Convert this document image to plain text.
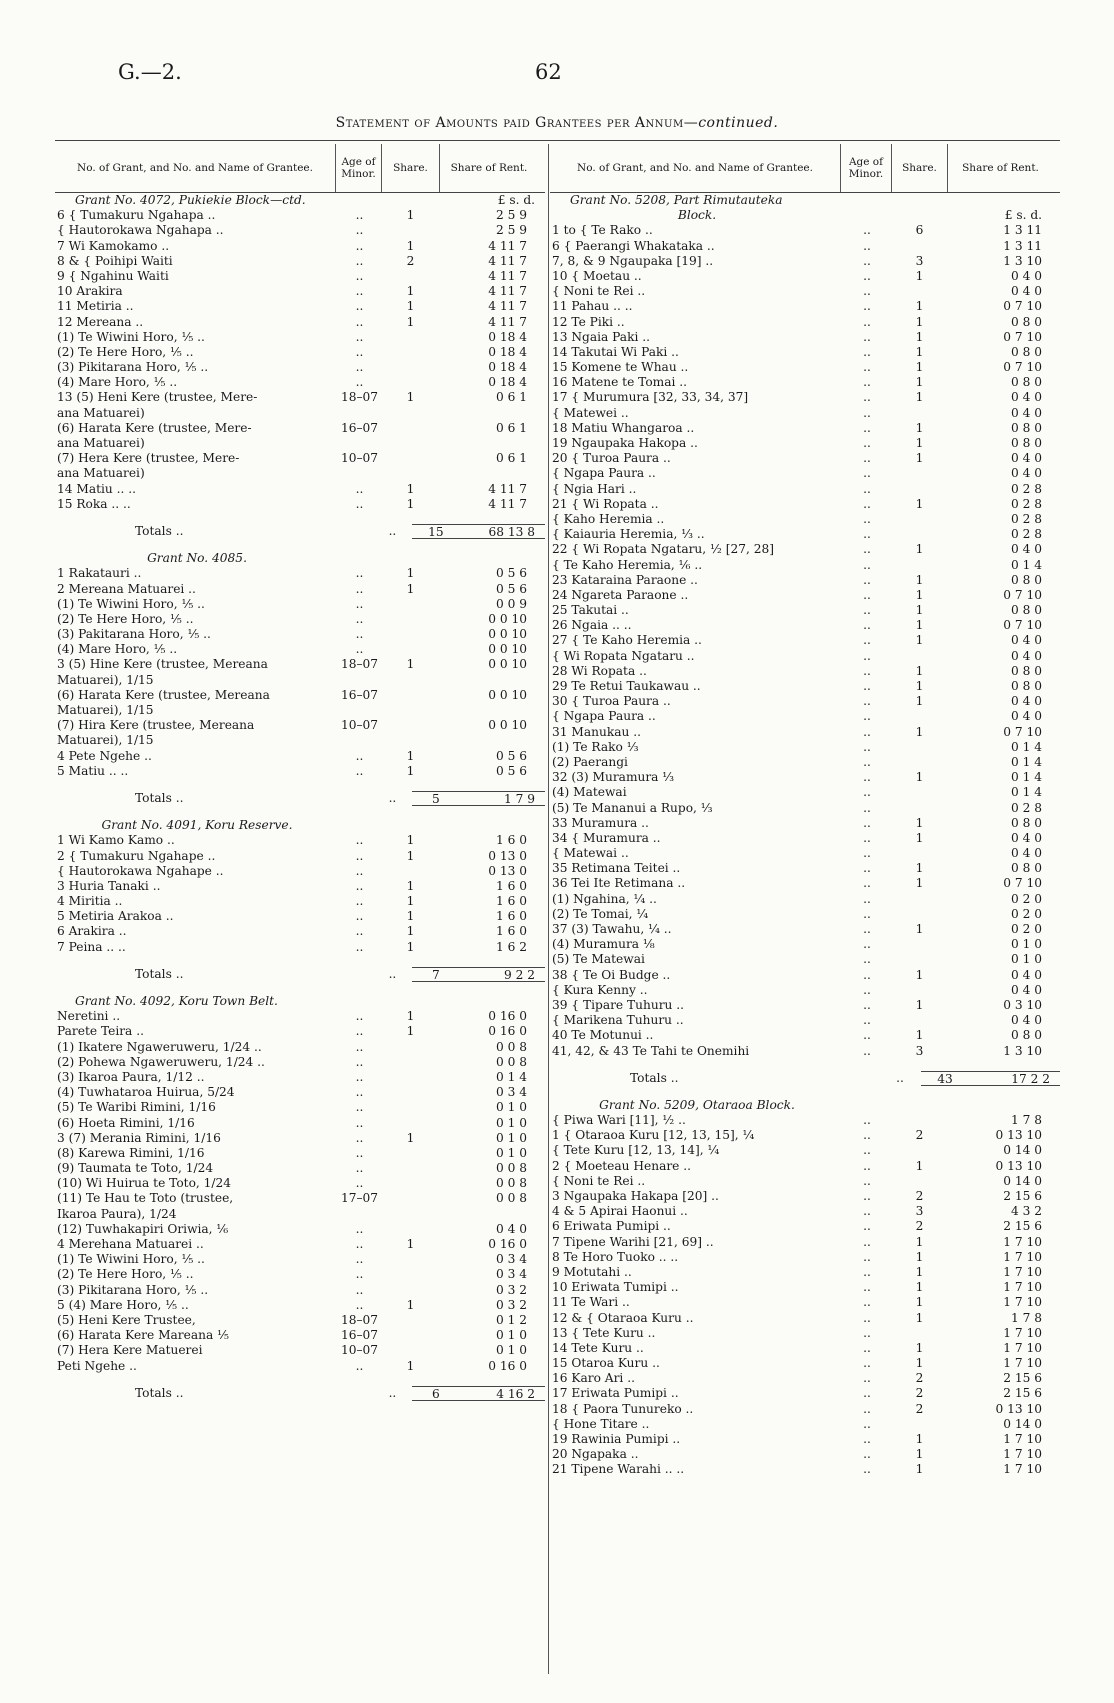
G.—2.	62
Statement of Amounts paid Grantees per Annum—continued.
No. of Grant, and No. and Name of Grantee.	Age of Minor.	Share.	Share of Rent.
Grant No. 4072, Pukiekie Block—ctd.	£ s. d.
6 { Tumakuru Ngahapa ..	..	1	2 5 9
{ Hautorokawa Ngahapa ..	..	2 5 9
7 Wi Kamokamo ..	..	1	4 11 7
8 & { Poihipi Waiti	..	2	4 11 7
9 { Ngahinu Waiti	..	4 11 7
10 Arakira	..	1	4 11 7
11 Metiria ..	..	1	4 11 7
12 Mereana ..	..	1	4 11 7
(1) Te Wiwini Horo, ⅕ ..	..	0 18 4
(2) Te Here Horo, ⅕ ..	..	0 18 4
(3) Pikitarana Horo, ⅕ ..	..	0 18 4
(4) Mare Horo, ⅕ ..	..	0 18 4
13 (5) Heni Kere (trustee, Mere-	18–07	1	0 6 1
ana Matuarei)
(6) Harata Kere (trustee, Mere-	16–07	0 6 1
ana Matuarei)
(7) Hera Kere (trustee, Mere-	10–07	0 6 1
ana Matuarei)
14 Matiu .. ..	..	1	4 11 7
15 Roka .. ..	..	1	4 11 7
Totals ..	..	15	68 13 8
Grant No. 4085.
1 Rakatauri ..	..	1	0 5 6
2 Mereana Matuarei ..	..	1	0 5 6
(1) Te Wiwini Horo, ⅕ ..	..	0 0 9
(2) Te Here Horo, ⅕ ..	..	0 0 10
(3) Pakitarana Horo, ⅕ ..	..	0 0 10
(4) Mare Horo, ⅕ ..	..	0 0 10
3 (5) Hine Kere (trustee, Mereana	18–07	1	0 0 10
Matuarei), 1/15
(6) Harata Kere (trustee, Mereana	16–07	0 0 10
Matuarei), 1/15
(7) Hira Kere (trustee, Mereana	10–07	0 0 10
Matuarei), 1/15
4 Pete Ngehe ..	..	1	0 5 6
5 Matiu .. ..	..	1	0 5 6
Totals ..	..	5	1 7 9
Grant No. 4091, Koru Reserve.
1 Wi Kamo Kamo ..	..	1	1 6 0
2 { Tumakuru Ngahape ..	..	1	0 13 0
{ Hautorokawa Ngahape ..	..	0 13 0
3 Huria Tanaki ..	..	1	1 6 0
4 Miritia ..	..	1	1 6 0
5 Metiria Arakoa ..	..	1	1 6 0
6 Arakira ..	..	1	1 6 0
7 Peina .. ..	..	1	1 6 2
Totals ..	..	7	9 2 2
Grant No. 4092, Koru Town Belt.
Neretini ..	..	1	0 16 0
Parete Teira ..	..	1	0 16 0
(1) Ikatere Ngaweruweru, 1/24 ..	..	0 0 8
(2) Pohewa Ngaweruweru, 1/24 ..	..	0 0 8
(3) Ikaroa Paura, 1/12 ..	..	0 1 4
(4) Tuwhataroa Huirua, 5/24	..	0 3 4
(5) Te Waribi Rimini, 1/16	..	0 1 0
(6) Hoeta Rimini, 1/16	..	0 1 0
3 (7) Merania Rimini, 1/16	..	1	0 1 0
(8) Karewa Rimini, 1/16	..	0 1 0
(9) Taumata te Toto, 1/24	..	0 0 8
(10) Wi Huirua te Toto, 1/24	..	0 0 8
(11) Te Hau te Toto (trustee,	17–07	0 0 8
Ikaroa Paura), 1/24
(12) Tuwhakapiri Oriwia, ⅙	..	0 4 0
4 Merehana Matuarei ..	..	1	0 16 0
(1) Te Wiwini Horo, ⅕ ..	..	0 3 4
(2) Te Here Horo, ⅕ ..	..	0 3 4
(3) Pikitarana Horo, ⅕ ..	..	0 3 2
5 (4) Mare Horo, ⅕ ..	..	1	0 3 2
(5) Heni Kere Trustee,	18–07	0 1 2
(6) Harata Kere Mareana ⅕	16–07	0 1 0
(7) Hera Kere Matuerei	10–07	0 1 0
Peti Ngehe ..	..	1	0 16 0
Totals ..	..	6	4 16 2
No. of Grant, and No. and Name of Grantee.	Age of Minor.	Share.	Share of Rent.
Grant No. 5208, Part Rimutauteka
Block.	£ s. d.
1 to { Te Rako ..	..	6	1 3 11
6 { Paerangi Whakataka ..	..	1 3 11
7, 8, & 9 Ngaupaka [19] ..	..	3	1 3 10
10 { Moetau ..	..	1	0 4 0
{ Noni te Rei ..	..	0 4 0
11 Pahau .. ..	..	1	0 7 10
12 Te Piki ..	..	1	0 8 0
13 Ngaia Paki ..	..	1	0 7 10
14 Takutai Wi Paki ..	..	1	0 8 0
15 Komene te Whau ..	..	1	0 7 10
16 Matene te Tomai ..	..	1	0 8 0
17 { Murumura [32, 33, 34, 37]	..	1	0 4 0
{ Matewei ..	..	0 4 0
18 Matiu Whangaroa ..	..	1	0 8 0
19 Ngaupaka Hakopa ..	..	1	0 8 0
20 { Turoa Paura ..	..	1	0 4 0
{ Ngapa Paura ..	..	0 4 0
{ Ngia Hari ..	..	0 2 8
21 { Wi Ropata ..	..	1	0 2 8
{ Kaho Heremia ..	..	0 2 8
{ Kaiauria Heremia, ⅓ ..	..	0 2 8
22 { Wi Ropata Ngataru, ½ [27, 28]	..	1	0 4 0
{ Te Kaho Heremia, ⅙ ..	..	0 1 4
23 Kataraina Paraone ..	..	1	0 8 0
24 Ngareta Paraone ..	..	1	0 7 10
25 Takutai ..	..	1	0 8 0
26 Ngaia .. ..	..	1	0 7 10
27 { Te Kaho Heremia ..	..	1	0 4 0
{ Wi Ropata Ngataru ..	..	0 4 0
28 Wi Ropata ..	..	1	0 8 0
29 Te Retui Taukawau ..	..	1	0 8 0
30 { Turoa Paura ..	..	1	0 4 0
{ Ngapa Paura ..	..	0 4 0
31 Manukau ..	..	1	0 7 10
(1) Te Rako ⅓	..	0 1 4
(2) Paerangi	..	0 1 4
32 (3) Muramura ⅓	..	1	0 1 4
(4) Matewai	..	0 1 4
(5) Te Mananui a Rupo, ⅓	..	0 2 8
33 Muramura ..	..	1	0 8 0
34 { Muramura ..	..	1	0 4 0
{ Matewai ..	..	0 4 0
35 Retimana Teitei ..	..	1	0 8 0
36 Tei Ite Retimana ..	..	1	0 7 10
(1) Ngahina, ¼ ..	..	0 2 0
(2) Te Tomai, ¼	..	0 2 0
37 (3) Tawahu, ¼ ..	..	1	0 2 0
(4) Muramura ⅛	..	0 1 0
(5) Te Matewai	..	0 1 0
38 { Te Oi Budge ..	..	1	0 4 0
{ Kura Kenny ..	..	0 4 0
39 { Tipare Tuhuru ..	..	1	0 3 10
{ Marikena Tuhuru ..	..	0 4 0
40 Te Motunui ..	..	1	0 8 0
41, 42, & 43 Te Tahi te Onemihi	..	3	1 3 10
Totals ..	..	43	17 2 2
Grant No. 5209, Otaraoa Block.
{ Piwa Wari [11], ½ ..	..	1 7 8
1 { Otaraoa Kuru [12, 13, 15], ¼	..	2	0 13 10
{ Tete Kuru [12, 13, 14], ¼	..	0 14 0
2 { Moeteau Henare ..	..	1	0 13 10
{ Noni te Rei ..	..	0 14 0
3 Ngaupaka Hakapa [20] ..	..	2	2 15 6
4 & 5 Apirai Haonui ..	..	3	4 3 2
6 Eriwata Pumipi ..	..	2	2 15 6
7 Tipene Warihi [21, 69] ..	..	1	1 7 10
8 Te Horo Tuoko .. ..	..	1	1 7 10
9 Motutahi ..	..	1	1 7 10
10 Eriwata Tumipi ..	..	1	1 7 10
11 Te Wari ..	..	1	1 7 10
12 & { Otaraoa Kuru ..	..	1	1 7 8
13 { Tete Kuru ..	..	1 7 10
14 Tete Kuru ..	..	1	1 7 10
15 Otaroa Kuru ..	..	1	1 7 10
16 Karo Ari ..	..	2	2 15 6
17 Eriwata Pumipi ..	..	2	2 15 6
18 { Paora Tunureko ..	..	2	0 13 10
{ Hone Titare ..	..	0 14 0
19 Rawinia Pumipi ..	..	1	1 7 10
20 Ngapaka ..	..	1	1 7 10
21 Tipene Warahi .. ..	..	1	1 7 10
